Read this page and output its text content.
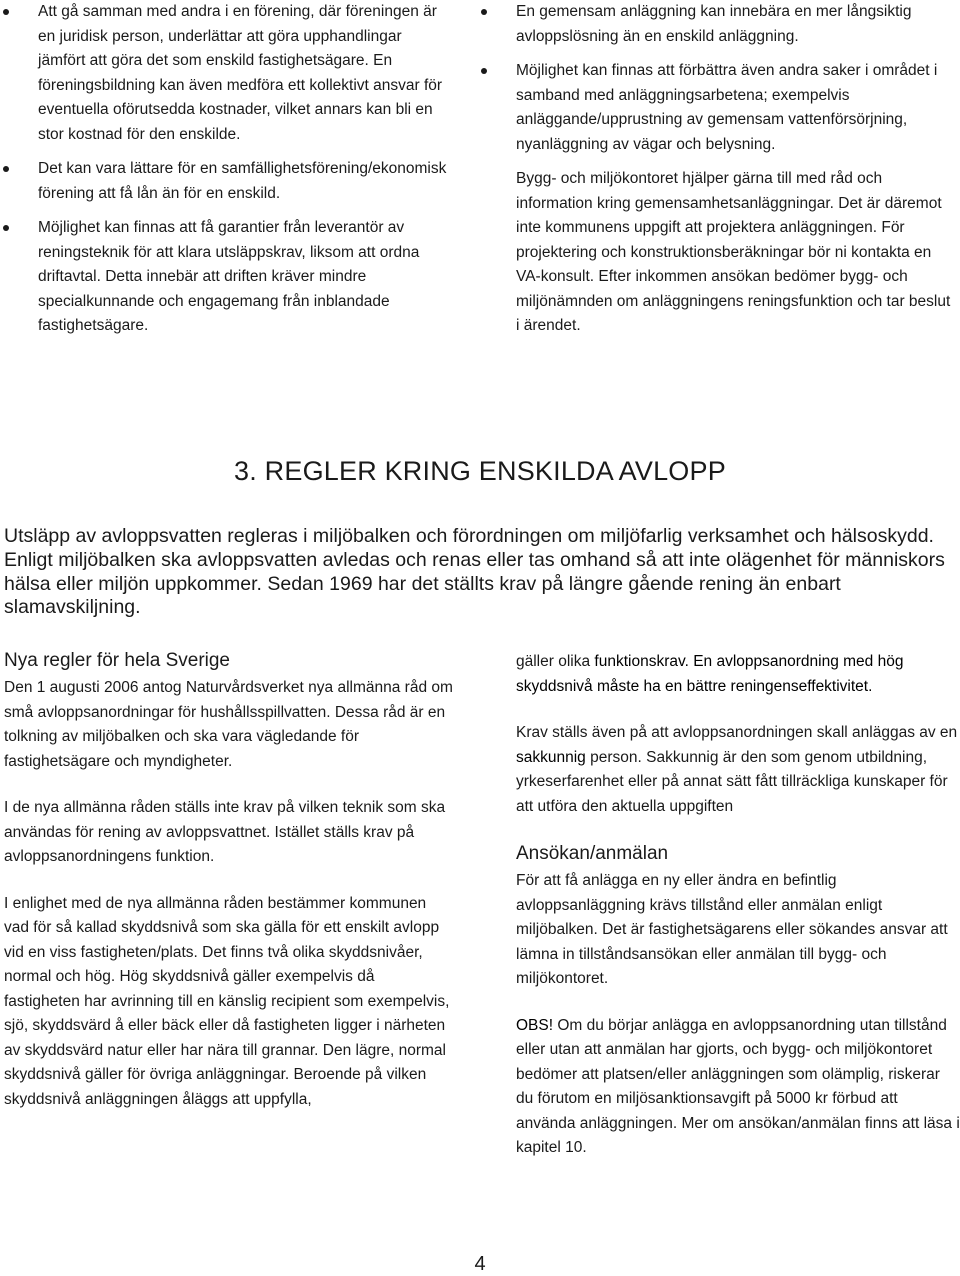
Att gå samman med andra i en förening, där föreningen är en juridisk person, underlättar att göra upphandlingar jämfört att göra det som enskild fastighetsägare. En föreningsbildning kan även medföra ett kollektivt ansvar för eventuella oförutsedda kostnader, vilket annars kan bli en stor kostnad för den enskilde.
Det kan vara lättare för en samfällighetsförening/ekonomisk förening att få lån än för en enskild.
Möjlighet kan finnas att få garantier från leverantör av reningsteknik för att klara utsläppskrav, liksom att ordna driftavtal. Detta innebär att driften kräver mindre specialkunnande och engagemang från inblandade fastighetsägare.
En gemensam anläggning kan innebära en mer långsiktig avloppslösning än en enskild anläggning.
Möjlighet kan finnas att förbättra även andra saker i området i samband med anläggningsarbetena; exempelvis anläggande/upprustning av gemensam vattenförsörjning, nyanläggning av vägar och belysning.

Bygg- och miljökontoret hjälper gärna till med råd och information kring gemensamhetsanläggningar. Det är däremot inte kommunens uppgift att projektera anläggningen. För projektering och konstruktionsberäkningar bör ni kontakta en VA-konsult. Efter inkommen ansökan bedömer bygg- och miljönämnden om anläggningens reningsfunktion och tar beslut i ärendet.

3. REGLER KRING ENSKILDA AVLOPP

Utsläpp av avloppsvatten regleras i miljöbalken och förordningen om miljöfarlig verksamhet och hälsoskydd. Enligt miljöbalken ska avloppsvatten avledas och renas eller tas omhand så att inte olägenhet för människors hälsa eller miljön uppkommer. Sedan 1969 har det ställts krav på längre gående rening än enbart slamavskiljning.

Nya regler för hela Sverige

Den 1 augusti 2006 antog Naturvårdsverket nya allmänna råd om små avloppsanordningar för hushållsspillvatten. Dessa råd är en tolkning av miljöbalken och ska vara vägledande för fastighetsägare och myndigheter.

I de nya allmänna råden ställs inte krav på vilken teknik som ska användas för rening av avloppsvattnet. Istället ställs krav på avloppsanordningens funktion.

I enlighet med de nya allmänna råden bestämmer kommunen vad för så kallad skyddsnivå som ska gälla för ett enskilt avlopp vid en viss fastigheten/plats. Det finns två olika skyddsnivåer, normal och hög. Hög skyddsnivå gäller exempelvis då fastigheten har avrinning till en känslig recipient som exempelvis, sjö, skyddsvärd å eller bäck eller då fastigheten ligger i närheten av skyddsvärd natur eller har nära till grannar. Den lägre, normal skyddsnivå gäller för övriga anläggningar. Beroende på vilken skyddsnivå anläggningen åläggs att uppfylla,

gäller olika funktionskrav. En avloppsanordning med hög skyddsnivå måste ha en bättre reningenseffektivitet.

Krav ställs även på att avloppsanordningen skall anläggas av en sakkunnig person. Sakkunnig är den som genom utbildning, yrkeserfarenhet eller på annat sätt fått tillräckliga kunskaper för att utföra den aktuella uppgiften

Ansökan/anmälan

För att få anlägga en ny eller ändra en befintlig avloppsanläggning krävs tillstånd eller anmälan enligt miljöbalken. Det är fastighetsägarens eller sökandes ansvar att lämna in tillståndsansökan eller anmälan till bygg- och miljökontoret.

OBS! Om du börjar anlägga en avloppsanordning utan tillstånd eller utan att anmälan har gjorts, och bygg- och miljökontoret bedömer att platsen/eller anläggningen som olämplig, riskerar du förutom en miljösanktionsavgift på 5000 kr förbud att använda anläggningen. Mer om ansökan/anmälan finns att läsa i kapitel 10.

4
